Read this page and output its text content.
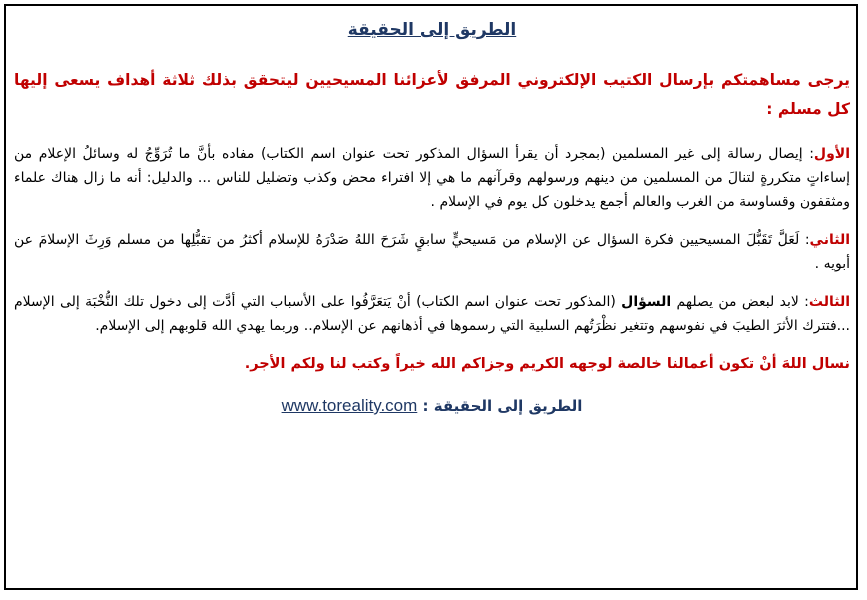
الطريق إلى الحقيقة
يرجى مساهمتكم بإرسال الكتيب الإلكتروني المرفق لأعزائنا المسيحيين ليتحقق بذلك ثلاثة أهداف يسعى إليها كل مسلم :
الأول: إيصال رسالة إلى غير المسلمين (بمجرد أن يقرأ السؤال المذكور تحت عنوان اسم الكتاب) مفاده بأنَّ ما تُرَوِّجُ له وسائلُ الإعلام من إساءاتٍ متكررةٍ لتنالَ من المسلمين من دينهم ورسولهم وقرآنهم ما هي إلا افتراء محض وكذب وتضليل للناس ... والدليل: أنه ما زال هناك علماء ومثقفون وقساوسة من الغرب والعالم أجمع يدخلون كل يوم في الإسلام .
الثاني: لَعَلَّ تَقَبُّلَ المسيحيين فكرة السؤال عن الإسلام من مَسيحيٍّ سابقٍ شَرَحَ اللهُ صَدْرَهُ للإسلام أكثرُ من تقبُّلِها من مسلم وَرِثَ الإسلامَ عن أبويه .
الثالث: لابد لبعض من يصلهم السؤال (المذكور تحت عنوان اسم الكتاب) أنْ يَتعَرَّفُوا على الأسباب التي أدَّت إلى دخول تلك النُّخْبَة إلى الإسلام ...فتترك الأثرَ الطيبَ في نفوسهم وتتغير نظْرَتُهم السلبية التي رسموها في أذهانهم عن الإسلام.. وربما يهدي الله قلوبهم إلى الإسلام.
نسال اللهَ أنْ تكون أعمالنا خالصة لوجهه الكريم وجزاكم الله خيراً وكتب لنا ولكم الأجر.
الطريق إلى الحقيقة : www.toreality.com
